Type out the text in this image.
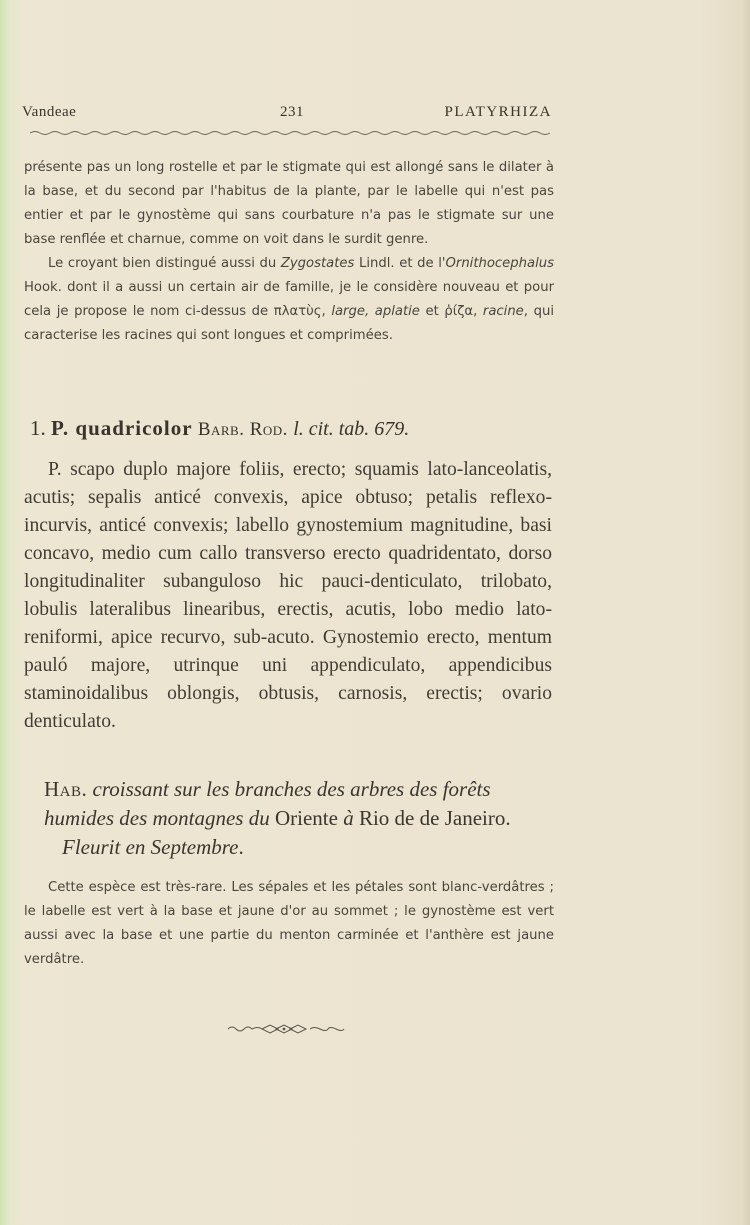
Vandeae	231	PLATYRHIZA

présente pas un long rostelle et par le stigmate qui est allongé sans le dilater à la base, et du second par l'habitus de la plante, par le labelle qui n'est pas entier et par le gynostème qui sans courbature n'a pas le stigmate sur une base renflée et charnue, comme on voit dans le surdit genre.

Le croyant bien distingué aussi du Zygostates Lindl. et de l'Ornithocephalus Hook. dont il a aussi un certain air de famille, je le considère nouveau et pour cela je propose le nom ci-dessus de πλατὺς, large, aplatie et ῥίζα, racine, qui caracterise les racines qui sont longues et comprimées.

1. P. quadricolor Barb. Rod. l. cit. tab. 679.

P. scapo duplo majore foliis, erecto; squamis lato-lanceolatis, acutis; sepalis anticé convexis, apice obtuso; petalis reflexo-incurvis, anticé convexis; labello gynostemium magnitudine, basi concavo, medio cum callo transverso erecto quadridentato, dorso longitudinaliter subanguloso hic pauci-denticulato, trilobato, lobulis lateralibus linearibus, erectis, acutis, lobo medio lato-reniformi, apice recurvo, sub-acuto. Gynostemio erecto, mentum pauló majore, utrinque uni appendiculato, appendicibus staminoidalibus oblongis, obtusis, carnosis, erectis; ovario denticulato.

Hab. croissant sur les branches des arbres des forêts humides des montagnes du Oriente à Rio de de Janeiro.
Fleurit en Septembre.

Cette espèce est très-rare. Les sépales et les pétales sont blanc-verdâtres ; le labelle est vert à la base et jaune d'or au sommet ; le gynostème est vert aussi avec la base et une partie du menton carminée et l'anthère est jaune verdâtre.
